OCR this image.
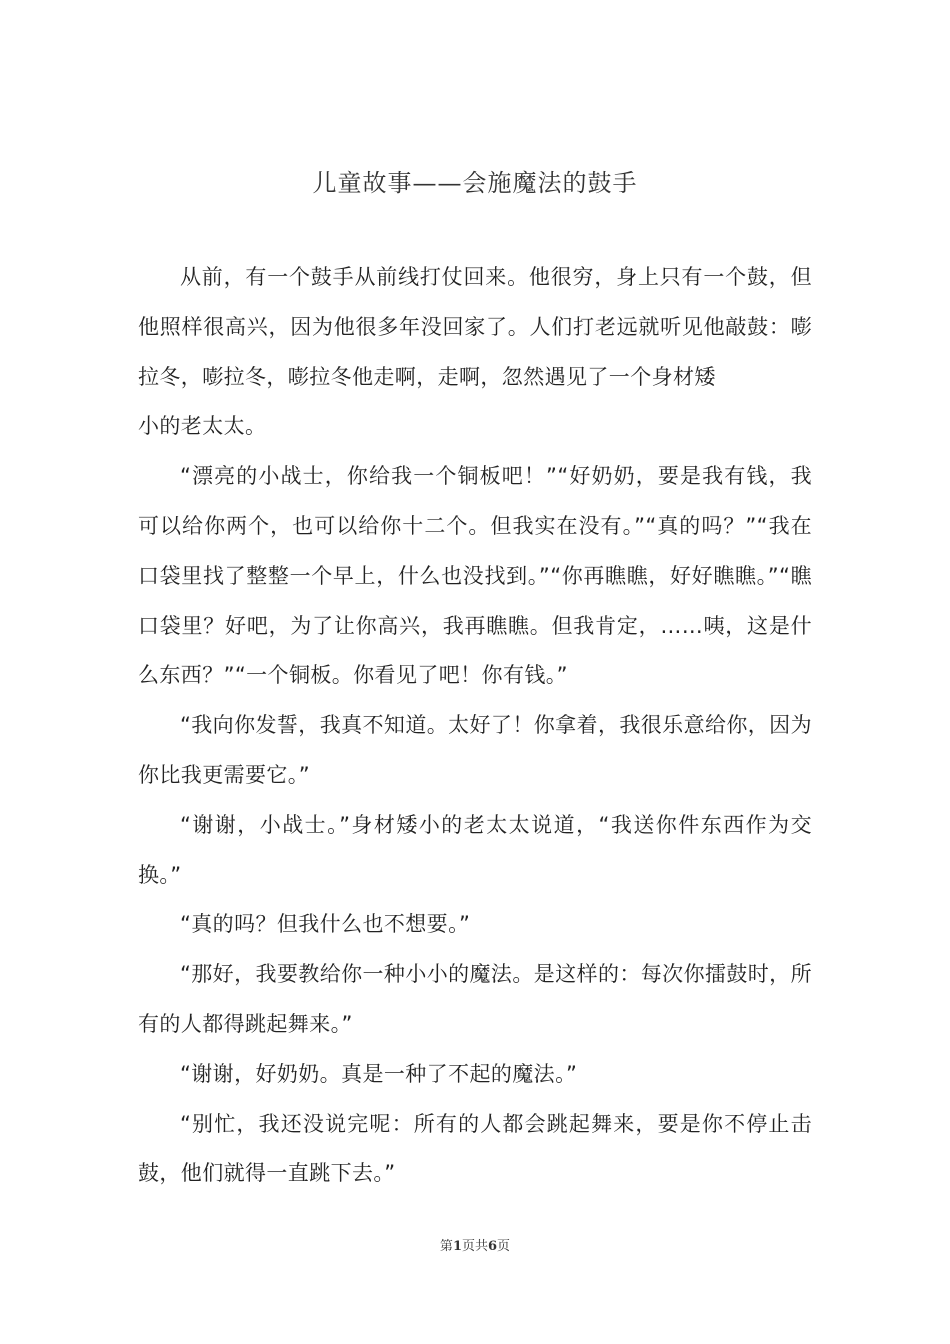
儿童故事——会施魔法的鼓手

从前，有一个鼓手从前线打仗回来。他很穷，身上只有一个鼓，但他照样很高兴，因为他很多年没回家了。人们打老远就听见他敲鼓：嘭拉冬，嘭拉冬，嘭拉冬他走啊，走啊，忽然遇见了一个身材矮

小的老太太。

“漂亮的小战士，你给我一个铜板吧！”“好奶奶，要是我有钱，我可以给你两个，也可以给你十二个。但我实在没有。”“真的吗？”“我在口袋里找了整整一个早上，什么也没找到。”“你再瞧瞧，好好瞧瞧。”“瞧口袋里？好吧，为了让你高兴，我再瞧瞧。但我肯定，……咦，这是什么东西？”“一个铜板。你看见了吧！你有钱。”

“我向你发誓，我真不知道。太好了！你拿着，我很乐意给你，因为你比我更需要它。”

“谢谢，小战士。”身材矮小的老太太说道，“我送你件东西作为交换。”

“真的吗？但我什么也不想要。”

“那好，我要教给你一种小小的魔法。是这样的：每次你擂鼓时，所有的人都得跳起舞来。”

“谢谢，好奶奶。真是一种了不起的魔法。”

“别忙，我还没说完呢：所有的人都会跳起舞来，要是你不停止击鼓，他们就得一直跳下去。”

第1页共6页
